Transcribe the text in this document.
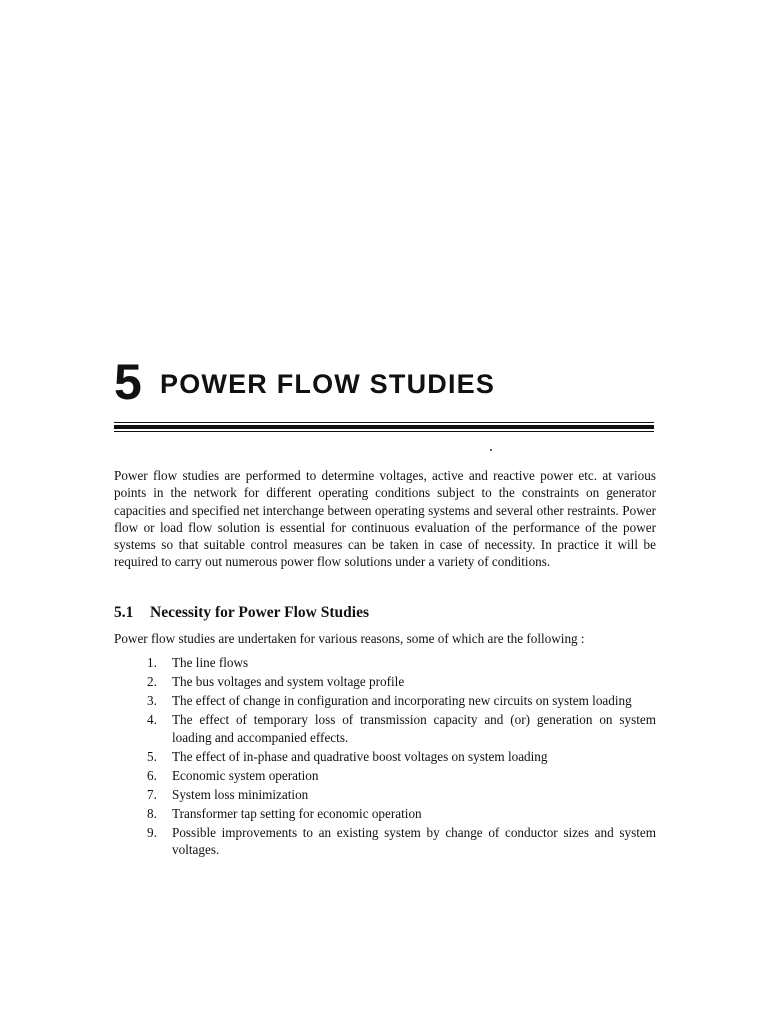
5 POWER FLOW STUDIES

Power flow studies are performed to determine voltages, active and reactive power etc. at various points in the network for different operating conditions subject to the constraints on generator capacities and specified net interchange between operating systems and several other restraints. Power flow or load flow solution is essential for continuous evaluation of the performance of the power systems so that suitable control measures can be taken in case of necessity. In practice it will be required to carry out numerous power flow solutions under a variety of conditions.

5.1 Necessity for Power Flow Studies

Power flow studies are undertaken for various reasons, some of which are the following :

1.	The line flows
2.	The bus voltages and system voltage profile
3.	The effect of change in configuration and incorporating new circuits on system loading
4.	The effect of temporary loss of transmission capacity and (or) generation on system loading and accompanied effects.
5.	The effect of in-phase and quadrative boost voltages on system loading
6.	Economic system operation
7.	System loss minimization
8.	Transformer tap setting for economic operation
9.	Possible improvements to an existing system by change of conductor sizes and system voltages.
